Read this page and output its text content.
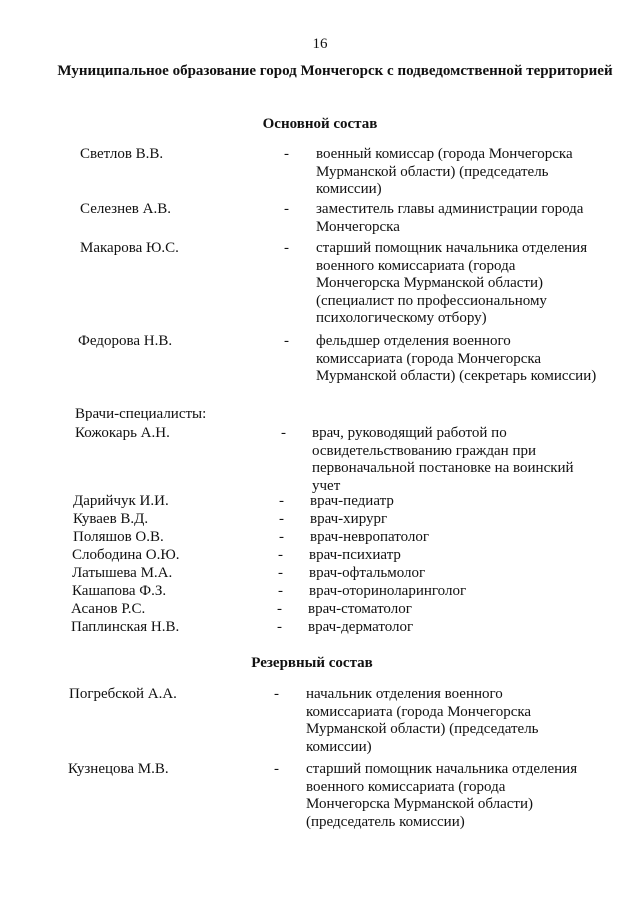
16
Муниципальное образование город Мончегорск с подведомственной территорией
Основной состав
Светлов В.В.	- военный комиссар (города Мончегорска Мурманской области) (председатель комиссии)
Селезнев А.В.	- заместитель главы администрации города Мончегорска
Макарова Ю.С.	- старший помощник начальника отделения военного комиссариата (города Мончегорска Мурманской области) (специалист по профессиональному психологическому отбору)
Федорова Н.В.	- фельдшер отделения военного комиссариата (города Мончегорска Мурманской области) (секретарь комиссии)
Врачи-специалисты:
Кожокарь А.Н.	- врач, руководящий работой по освидетельствованию граждан при первоначальной постановке на воинский учет
Дарийчук И.И.	- врач-педиатр
Куваев В.Д.	- врач-хирург
Поляшов О.В.	- врач-невропатолог
Слободина О.Ю.	- врач-психиатр
Латышева М.А.	- врач-офтальмолог
Кашапова Ф.З.	- врач-оториноларинголог
Асанов Р.С.	- врач-стоматолог
Паплинская Н.В.	- врач-дерматолог
Резервный состав
Погребской А.А.	- начальник отделения военного комиссариата (города Мончегорска Мурманской области) (председатель комиссии)
Кузнецова М.В.	- старший помощник начальника отделения военного комиссариата (города Мончегорска Мурманской области) (председатель комиссии)
